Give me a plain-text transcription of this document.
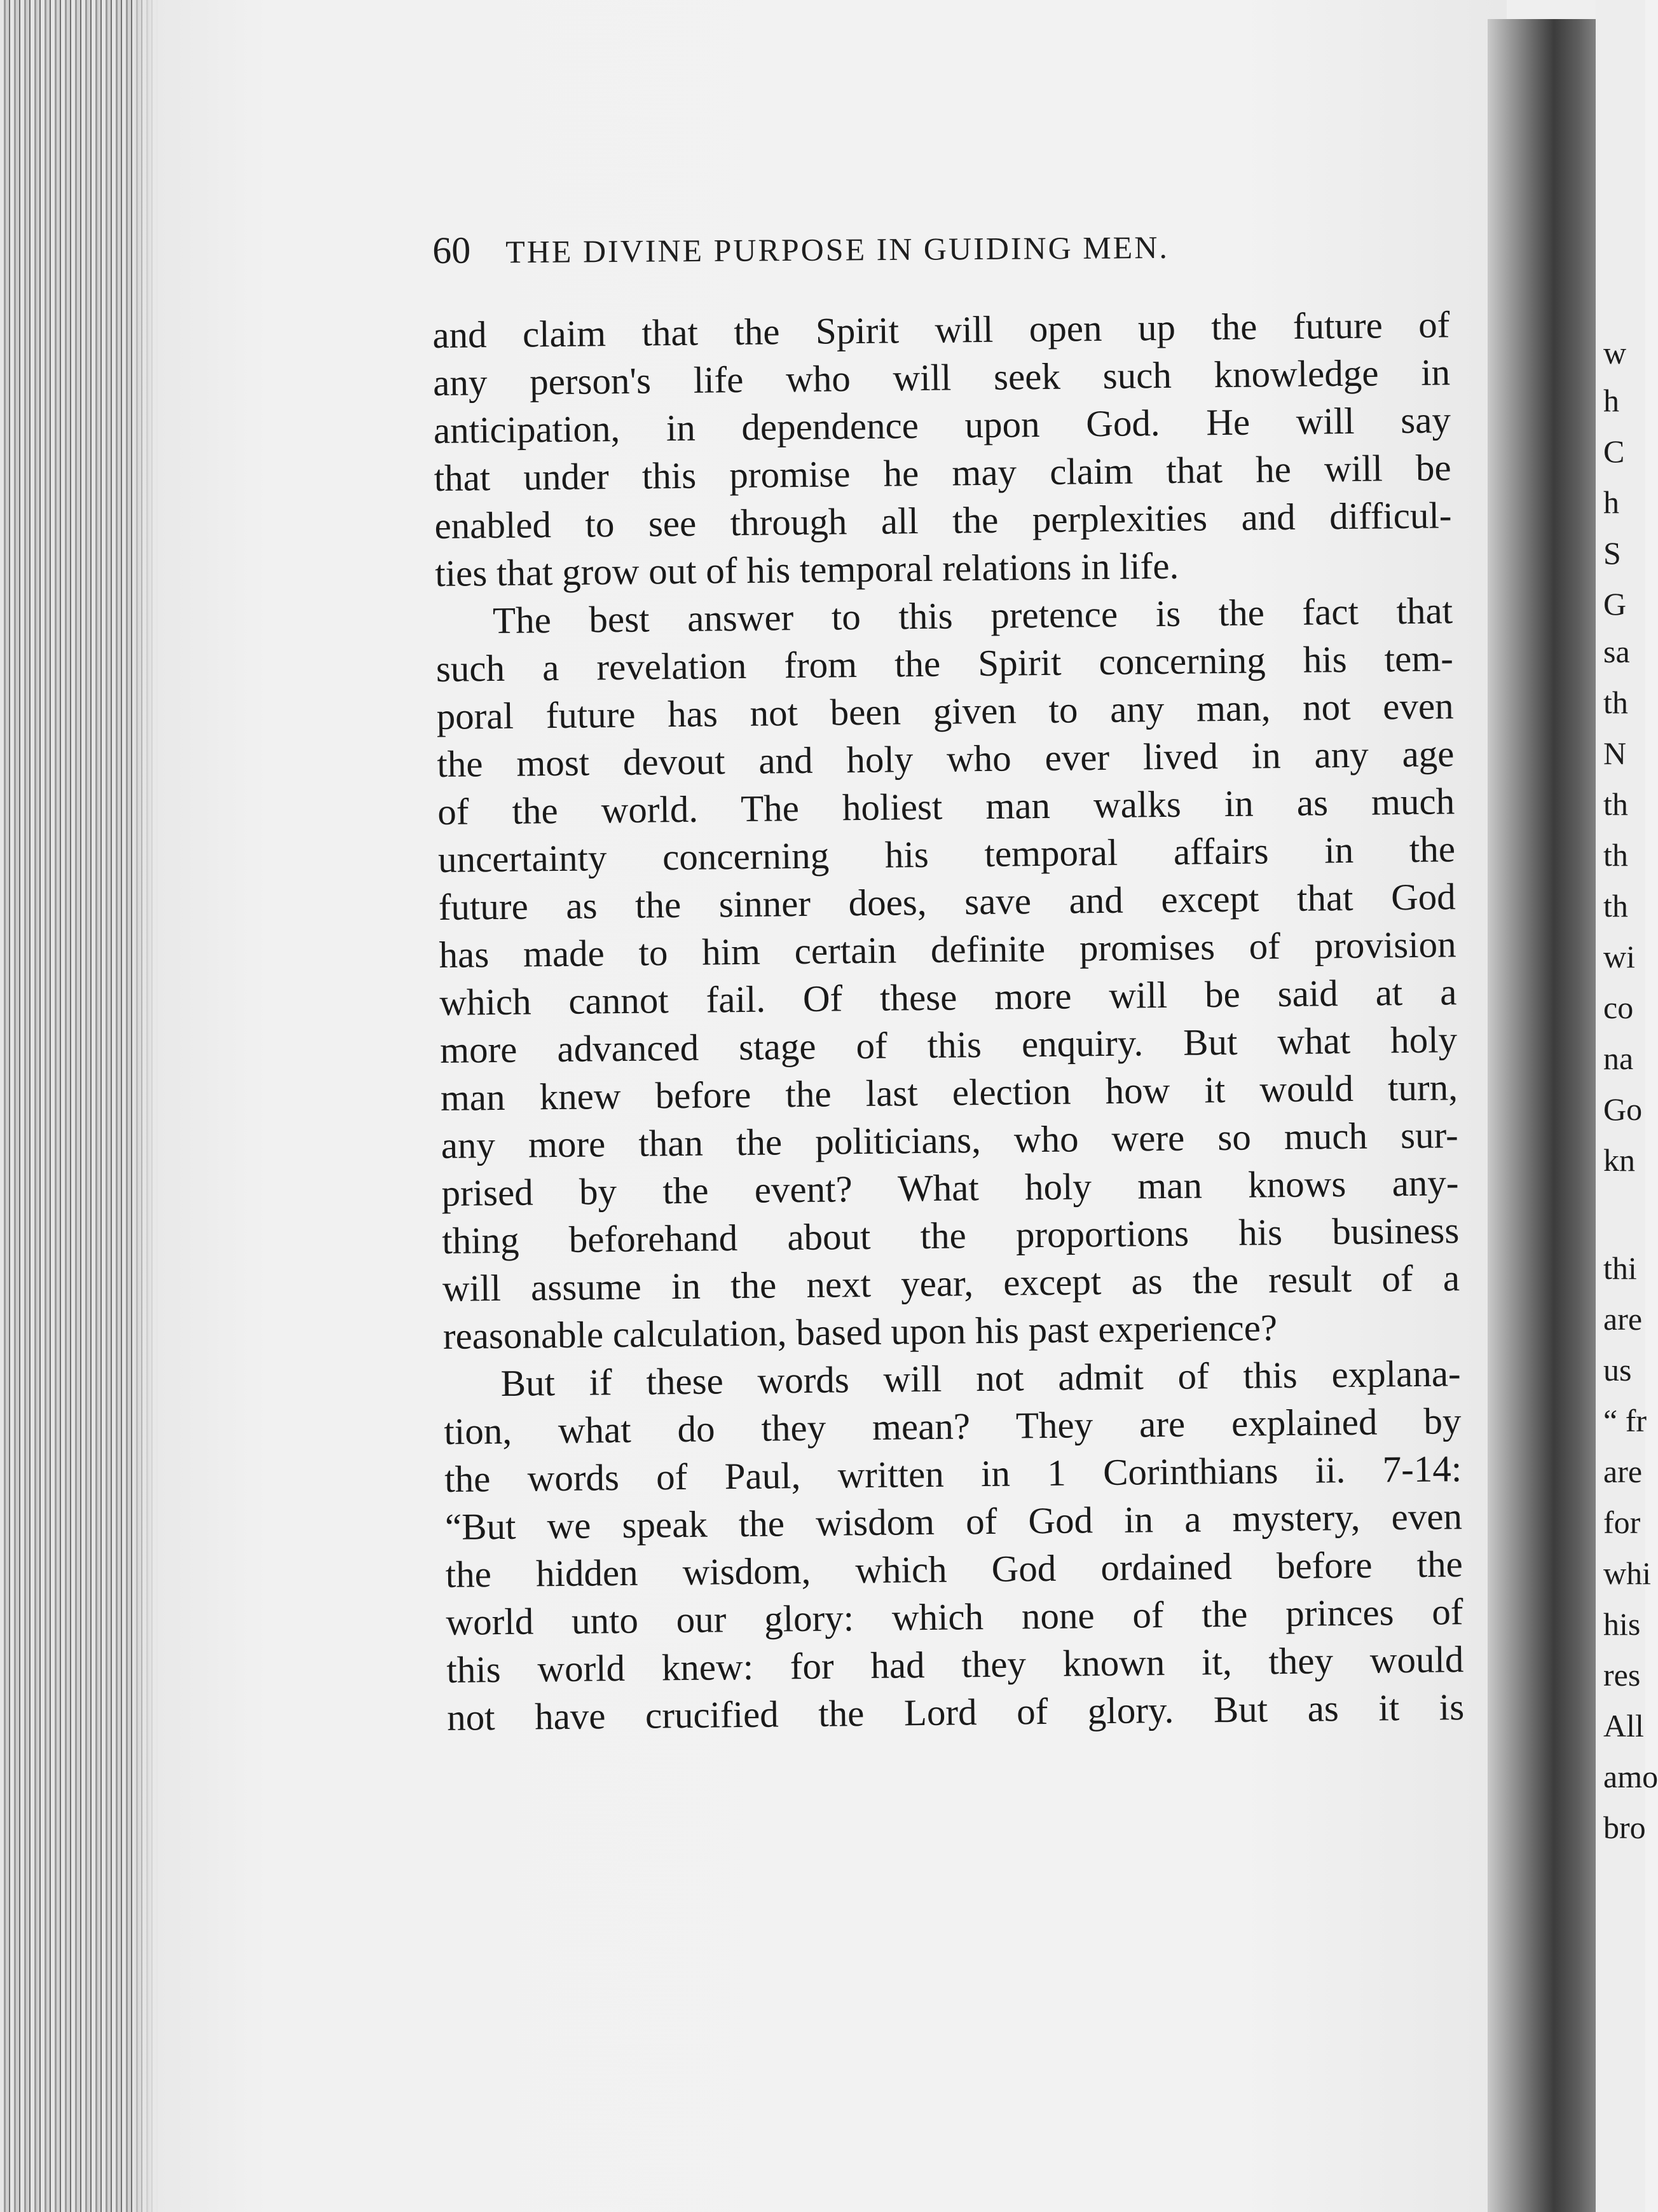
60 THE DIVINE PURPOSE IN GUIDING MEN.
and claim that the Spirit will open up the future of
any person's life who will seek such knowledge in
anticipation, in dependence upon God. He will say
that under this promise he may claim that he will be
enabled to see through all the perplexities and difficul-
ties that grow out of his temporal relations in life.
The best answer to this pretence is the fact that
such a revelation from the Spirit concerning his tem-
poral future has not been given to any man, not even
the most devout and holy who ever lived in any age
of the world. The holiest man walks in as much
uncertainty concerning his temporal affairs in the
future as the sinner does, save and except that God
has made to him certain definite promises of provision
which cannot fail. Of these more will be said at a
more advanced stage of this enquiry. But what holy
man knew before the last election how it would turn,
any more than the politicians, who were so much sur-
prised by the event? What holy man knows any-
thing beforehand about the proportions his business
will assume in the next year, except as the result of a
reasonable calculation, based upon his past experience?
But if these words will not admit of this explana-
tion, what do they mean? They are explained by
the words of Paul, written in 1 Corinthians ii. 7-14:
“But we speak the wisdom of God in a mystery, even
the hidden wisdom, which God ordained before the
world unto our glory: which none of the princes of
this world knew: for had they known it, they would
not have crucified the Lord of glory. But as it is
w
h
C
h
S
G
sa
th
N
th
th
th
wi
co
na
Go
kn
thi
are
us
“ fr
are
for
whi
his
res
All
amo
bro
